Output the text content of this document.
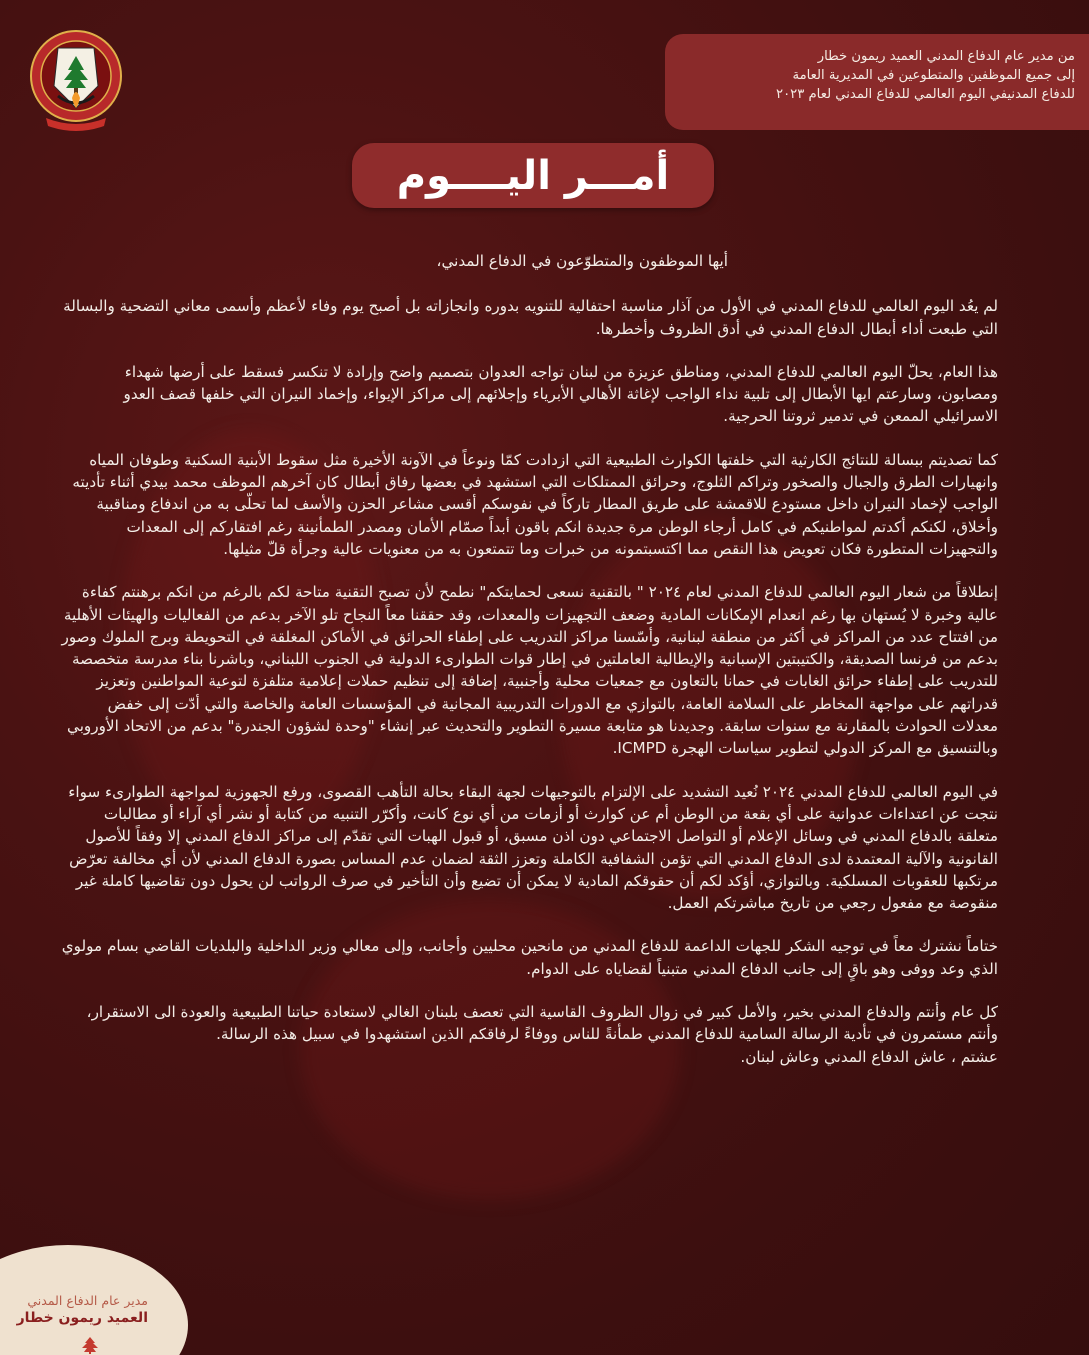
من مدير عام الدفاع المدني العميد ريمون خطار
إلى جميع الموظفين والمتطوعين في المديرية العامة
للدفاع المدنيفي اليوم العالمي للدفاع المدني لعام ٢٠٢٣
أمـــر اليــــوم

أيها الموظفون والمتطوّعون في الدفاع المدني،

لم يعُد اليوم العالمي للدفاع المدني في الأول من آذار مناسبة احتفالية للتنويه بدوره وانجازاته بل أصبح يوم وفاء لأعظم وأسمى معاني التضحية والبسالة التي طبعت أداء أبطال الدفاع المدني في أدق الظروف وأخطرها.

هذا العام، يحلّ اليوم العالمي للدفاع المدني، ومناطق عزيزة من لبنان تواجه العدوان بتصميم واضح وإرادة لا تنكسر فسقط على أرضها شهداء ومصابون، وسارعتم ايها الأبطال إلى تلبية نداء الواجب لإغاثة الأهالي الأبرياء وإجلائهم إلى مراكز الإيواء، وإخماد النيران التي خلفها قصف العدو الاسرائيلي الممعن في تدمير ثروتنا الحرجية.

كما تصديتم ببسالة للنتائج الكارثية التي خلفتها الكوارث الطبيعية التي ازدادت كمّا ونوعاً في الآونة الأخيرة مثل سقوط الأبنية السكنية وطوفان المياه وانهيارات الطرق والجبال والصخور وتراكم الثلوج، وحرائق الممتلكات التي استشهد في بعضها رفاق أبطال كان آخرهم الموظف محمد بيدي أثناء تأديته الواجب لإخماد النيران داخل مستودع للاقمشة على طريق المطار تاركاً في نفوسكم أقسى مشاعر الحزن والأسف لما تحلّى به من اندفاع ومناقبية وأخلاق، لكنكم أكدتم لمواطنيكم في كامل أرجاء الوطن مرة جديدة انكم باقون أبداً صمّام الأمان ومصدر الطمأنينة رغم افتقاركم إلى المعدات والتجهيزات المتطورة فكان تعويض هذا النقص مما اكتسبتمونه من خبرات وما تتمتعون به من معنويات عالية وجرأة قلّ مثيلها.

إنطلاقاً من شعار اليوم العالمي للدفاع المدني لعام ٢٠٢٤ " بالتقنية نسعى لحمايتكم" نطمح لأن تصبح التقنية متاحة لكم بالرغم من انكم برهنتم كفاءة عالية وخبرة لا يُستهان بها رغم انعدام الإمكانات المادية وضعف التجهيزات والمعدات، وقد حققنا معاً النجاح تلو الآخر بدعم من الفعاليات والهيئات الأهلية من افتتاح عدد من المراكز في أكثر من منطقة لبنانية، وأسّسنا مراكز التدريب على إطفاء الحرائق في الأماكن المغلقة في التحويطة وبرج الملوك وصور بدعم من فرنسا الصديقة، والكتيبتين الإسبانية والإيطالية العاملتين في إطار قوات الطوارىء الدولية في الجنوب اللبناني، وباشرنا بناء مدرسة متخصصة للتدريب على إطفاء حرائق الغابات في حمانا بالتعاون مع جمعيات محلية وأجنبية، إضافة إلى تنظيم حملات إعلامية متلفزة لتوعية المواطنين وتعزيز قدراتهم على مواجهة المخاطر على السلامة العامة، بالتوازي مع الدورات التدريبية المجانية في المؤسسات العامة والخاصة والتي أدّت إلى خفض معدلات الحوادث بالمقارنة مع سنوات سابقة. وجديدنا هو متابعة مسيرة التطوير والتحديث عبر إنشاء "وحدة لشؤون الجندرة" بدعم من الاتحاد الأوروبي وبالتنسيق مع المركز الدولي لتطوير سياسات الهجرة ICMPD.

في اليوم العالمي للدفاع المدني ٢٠٢٤ نُعيد التشديد على الإلتزام بالتوجيهات لجهة البقاء بحالة التأهب القصوى، ورفع الجهوزية لمواجهة الطوارىء سواء نتجت عن اعتداءات عدوانية على أي بقعة من الوطن أم عن كوارث أو أزمات من أي نوع كانت، وأكرّر التنبيه من كتابة أو نشر أي آراء أو مطالبات متعلقة بالدفاع المدني في وسائل الإعلام أو التواصل الاجتماعي دون اذن مسبق، أو قبول الهبات التي تقدّم إلى مراكز الدفاع المدني إلا وفقاً للأصول القانونية والآلية المعتمدة لدى الدفاع المدني التي تؤمن الشفافية الكاملة وتعزز الثقة لضمان عدم المساس بصورة الدفاع المدني لأن أي مخالفة تعرّض مرتكبها للعقوبات المسلكية. وبالتوازي، أؤكد لكم أن حقوقكم المادية لا يمكن أن تضيع وأن التأخير في صرف الرواتب لن يحول دون تقاضيها كاملة غير منقوصة مع مفعول رجعي من تاريخ مباشرتكم العمل.

ختاماً نشترك معاً في توجيه الشكر للجهات الداعمة للدفاع المدني من مانحين محليين وأجانب، وإلى معالي وزير الداخلية والبلديات القاضي بسام مولوي الذي وعد ووفى وهو باقٍ إلى جانب الدفاع المدني متبنياً لقضاياه على الدوام.

كل عام وأنتم والدفاع المدني بخير، والأمل كبير في زوال الظروف القاسية التي تعصف بلبنان الغالي لاستعادة حياتنا الطبيعية والعودة الى الاستقرار، وأنتم مستمرون في تأدية الرسالة السامية للدفاع المدني طمأنةً للناس ووفاءً لرفاقكم الذين استشهدوا في سبيل هذه الرسالة.

عشتم ، عاش الدفاع المدني وعاش لبنان.

مدير عام الدفاع المدني
العميد ريمون خطار
